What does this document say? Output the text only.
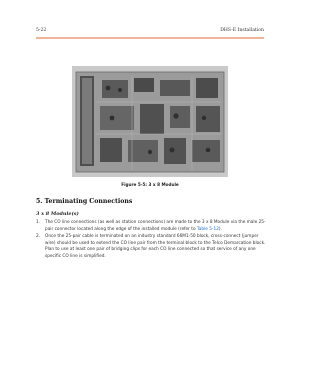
5-22	DHS-E Installation
Figure 5-5: 3 x 8 Module
5. Terminating Connections
3 x 8 Module(s)
1. The CO line connections (as well as station connections) are made to the 3 x 8 Module via the male 25-pair connector located along the edge of the installed module (refer to Table 5-12).
2. Once the 25-pair cable is terminated on an industry standard 66M1-50 block, cross-connect (jumper wire) should be used to extend the CO line pair from the terminal block to the Telco Demarcation block. Plan to use at least one pair of bridging clips for each CO line connected so that service of any one specific CO line is simplified.
